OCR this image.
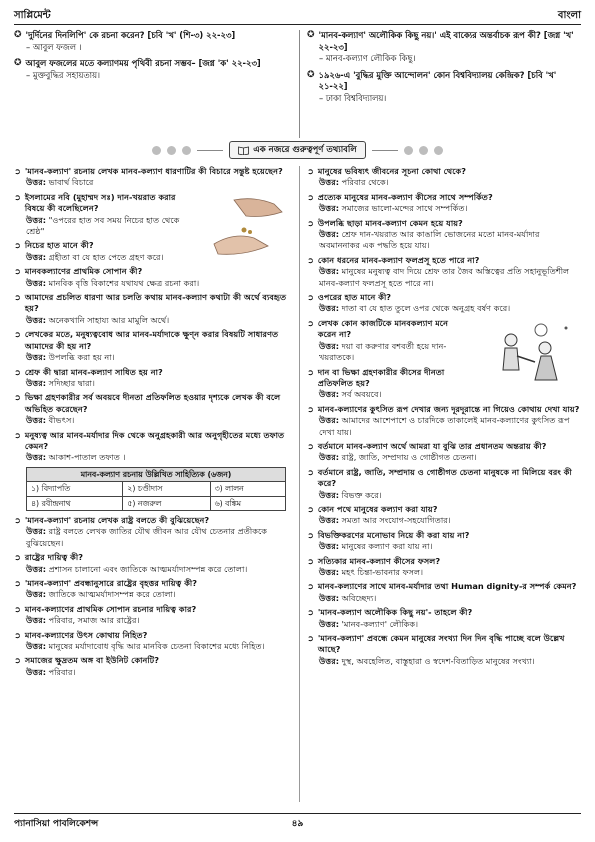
সাপ্লিমেন্ট	বাংলা
✪ 'দুর্দিনের দিনলিপি' কে রচনা করেন? [চবি 'খ' (শি-৩) ২২-২৩]
– আবুল ফজল ।
✪ আবুল ফজলের মতে কল্যাণময় পৃথিবী রচনা সম্ভব– [জগ্ন 'ক' ২২-২৩]
– মুক্তবুদ্ধির সহায়তায়।
✪ 'মানব-কল্যাণ' অলৌকিক কিছু নয়।' এই বাক্যের অন্তর্বাচক রূপ কী? [জগ্ন 'খ' ২২-২৩]
– মানব-কল্যাণ লৌকিক কিছু।
✪ ১৯২৬-এ 'বুদ্ধির মুক্তি আন্দোলন' কোন বিশ্ববিদ্যালয় কেন্দ্রিক? [চবি 'খ' ২১-২২]
– ঢাকা বিশ্ববিদ্যালয়।
এক নজরে গুরুত্বপূর্ণ তথ্যাবলি
➲ 'মানব-কল্যাণ' রচনায় লেখক মানব-কল্যাণ ধারণাটির কী বিচারে সন্তুষ্ট হয়েছেন?
উত্তর: ভাবার্থ বিচারে
➲ ইসলামের নবি (মুহাম্মদ সঃ) দান-খয়রাত করার বিষয়ে কী বলেছিলেন?
উত্তর: "ওপরের হাত সব সময় নিচের হাত থেকে শ্রেষ্ঠ"
➲ নিচের হাত মানে কী?
উত্তর: গ্রহীতা বা যে হাত পেতে গ্রহণ করে।
➲ মানবকল্যাণের প্রাথমিক সোপান কী?
উত্তর: মানবিক বৃত্তি বিকাশের যথাযথ ক্ষেত্র রচনা করা।
➲ আমাদের প্রচলিত ধারণা আর চলতি কথায় মানব-কল্যাণ কথাটা কী অর্থে ব্যবহৃত হয়?
উত্তর: অনেকখানি সাহায্য আর মামুলি অর্থে।
➲ লেখকের মতে, মনুষ্যত্ববোধ আর মানব-মর্যাদাকে ক্ষুণ্ন করার বিষয়টি সাধারণত আমাদের কী হয় না?
উত্তর: উপলব্ধি করা হয় না।
➲ শ্রেফ কী দ্বারা মানব-কল্যাণ সাধিত হয় না?
উত্তর: সদিচ্ছার দ্বারা।
➲ ভিক্ষা গ্রহণকারীর সর্ব অবয়বে দীনতা প্রতিফলিত হওয়ার দৃশ্যকে লেখক কী বলে অভিহিত করেছেন?
উত্তর: বীভৎস।
➲ মনুষ্যত্ব আর মানব-মর্যাদার দিক থেকে অনুগ্রহকারী আর অনুগৃহীতের মধ্যে তফাত কেমন?
উত্তর: আকাশ-পাতাল তফাত ।
মানব-কল্যাণ রচনায় উল্লিখিত সাহিত্যিক (৬জন)		
১) বিদ্যাপতি	২) চণ্ডীদাস	৩) লালন
৪) রবীন্দ্রনাথ	৫) নজরুল	৬) বঙ্কিম
➲ 'মানব-কল্যাণ' রচনায় লেখক রাষ্ট্র বলতে কী বুঝিয়েছেন?
উত্তর: রাষ্ট্র বলতে লেখক জাতির যৌথ জীবন আর যৌথ চেতনার প্রতীককে বুঝিয়েছেন।
➲ রাষ্ট্রের দায়িত্ব কী?
উত্তর: প্রশাসন চালানো এবং জাতিকে আত্মমর্যাদাসম্পন্ন করে তোলা।
➲ 'মানব-কল্যাণ' প্রবন্ধানুসারে রাষ্ট্রের বৃহত্তর দায়িত্ব কী?
উত্তর: জাতিকে আত্মমর্যাদাসম্পন্ন করে তোলা।
➲ মানব-কল্যাণের প্রাথমিক সোপান রচনার দায়িত্ব কার?
উত্তর: পরিবার, সমাজ আর রাষ্ট্রের।
➲ মানব-কল্যাণের উৎস কোথায় নিহিত?
উত্তর: মানুষের মর্যাদাবোধ বৃদ্ধি আর মানবিক চেতনা বিকাশের মধ্যে নিহিত।
➲ সমাজের ক্ষুদ্রতম অঙ্গ বা ইউনিট কোনটি?
উত্তর: পরিবার।
➲ মানুষের ভবিষ্যৎ জীবনের সূচনা কোথা থেকে?
উত্তর: পরিবার থেকে।
➲ প্রত্যেক মানুষের মানব-কল্যাণ কীসের সাথে সম্পর্কিত?
উত্তর: সমাজের ভালো-মন্দের সাথে সম্পর্কিত।
➲ উপলব্ধি ছাড়া মানব-কল্যাণ কেমন হয়ে যায়?
উত্তর: শ্রেফ দান-খয়রাত আর কাঙালি ভোজনের মতো মানব-মর্যাদার অবমাননাকর এক পদ্ধতি হয়ে যায়।
➲ কোন ধরনের মানব-কল্যাণ ফলপ্রসূ হতে পারে না?
উত্তর: মানুষের মনুষ্যত্ব বাদ দিয়ে শ্রেফ তার জৈব অস্তিত্বের প্রতি সহানুভূতিশীল মানব-কল্যাণ ফলপ্রসূ হতে পারে না।
➲ ওপরের হাত মানে কী?
উত্তর: দাতা বা যে হাত তুলে ওপর থেকে অনুগ্রহ বর্ষণ করে।
➲ লেখক কোন কাজটিকে মানবকল্যাণ মনে করেন না?
উত্তর: দয়া বা করুণার বশবর্তী হয়ে দান-খয়রাতকে।
➲ দান বা ভিক্ষা গ্রহণকারীর কীসের দীনতা প্রতিফলিত হয়?
উত্তর: সর্ব অবয়বে।
➲ মানব-কল্যাণের কুৎসিত রূপ দেখার জন্য দূরদূরান্তে না গিয়েও কোথায় দেখা যায়?
উত্তর: আমাদের আশেপাশে ও চারদিকে তাকালেই মানব-কল্যাণের কুৎসিত রূপ দেখা যায়।
➲ বর্তমানে মানব-কল্যাণ অর্থে আমরা যা বুঝি তার প্রধানতম অন্তরায় কী?
উত্তর: রাষ্ট্র, জাতি, সম্প্রদায় ও গোষ্ঠীগত চেতনা।
➲ বর্তমানে রাষ্ট্র, জাতি, সম্প্রদায় ও গোষ্ঠীগত চেতনা মানুষকে না মিলিয়ে বরং কী করে?
উত্তর: বিভক্ত করে।
➲ কোন পথে মানুষের কল্যাণ করা যায়?
উত্তর: সমতা আর সংযোগ-সহযোগিতার।
➲ বিভক্তিকরণের মনোভাব নিয়ে কী করা যায় না?
উত্তর: মানুষের কল্যাণ করা যায় না।
➲ সত্যিকার মানব-কল্যাণ কীসের ফসল?
উত্তর: মহৎ চিন্তা-ভাবনার ফসল।
➲ মানব-কল্যাণের সাথে মানব-মর্যাদার তথা Human dignity-র সম্পর্ক কেমন?
উত্তর: অবিচ্ছেদ্য।
➲ 'মানব-কল্যাণ অলৌকিক কিছু নয়'- তাহলে কী?
উত্তর: 'মানব-কল্যাণ' লৌকিক।
➲ 'মানব-কল্যাণ' প্রবন্ধে কেমন মানুষের সংখ্যা দিন দিন বৃদ্ধি পাচ্ছে বলে উল্লেখ আছে?
উত্তর: দুস্থ, অবহেলিত, বাস্তুহারা ও স্বদেশ-বিতাড়িত মানুষের সংখ্যা।
প্যানাসিয়া পাবলিকেশন্স	৪৯
